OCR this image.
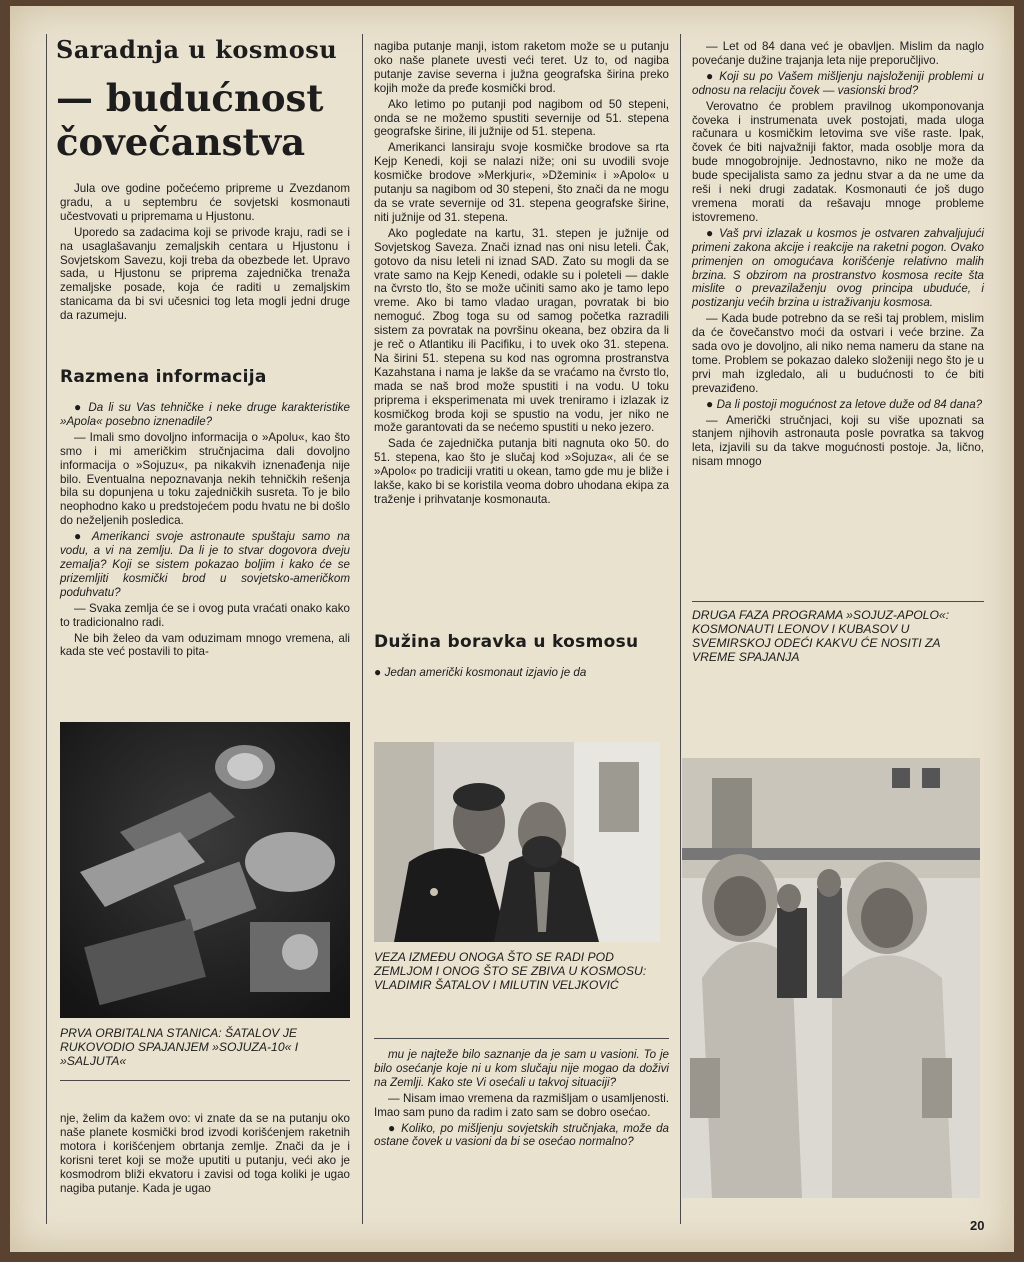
Saradnja u kosmosu
— budućnost čovečanstva

Jula ove godine počećemo pripreme u Zvezdanom gradu, a u septembru će sovjetski kosmonauti učestvovati u pripremama u Hjustonu.

Uporedo sa zadacima koji se privode kraju, radi se i na usaglašavanju zemaljskih centara u Hjustonu i Sovjetskom Savezu, koji treba da obezbede let. Upravo sada, u Hjustonu se priprema zajednička trenaža zemaljske posade, koja će raditi u zemaljskim stanicama da bi svi učesnici tog leta mogli jedni druge da razumeju.

Razmena informacija

● Da li su Vas tehničke i neke druge karakteristike »Apola« posebno iznenadile?

— Imali smo dovoljno informacija o »Apolu«, kao što smo i mi američkim stručnjacima dali dovoljno informacija o »Sojuzu«, pa nikakvih iznenađenja nije bilo. Eventualna nepoznavanja nekih tehničkih rešenja bila su dopunjena u toku zajedničkih susreta. To je bilo neophodno kako u predstojećem podu hvatu ne bi došlo do neželjenih posledica.

● Amerikanci svoje astronaute spuštaju samo na vodu, a vi na zemlju. Da li je to stvar dogovora dveju zemalja? Koji se sistem pokazao boljim i kako će se prizemljiti kosmički brod u sovjetsko-američkom poduhvatu?

— Svaka zemlja će se i ovog puta vraćati onako kako to tradicionalno radi.

Ne bih želeo da vam oduzimam mnogo vremena, ali kada ste već postavili to pita-

PRVA ORBITALNA STANICA: ŠATALOV JE RUKOVODIO SPAJANJEM »SOJUZA-10« I »SALJUTA«

nje, želim da kažem ovo: vi znate da se na putanju oko naše planete kosmički brod izvodi korišćenjem raketnih motora i korišćenjem obrtanja zemlje. Znači da je i korisni teret koji se može uputiti u putanju, veći ako je kosmodrom bliži ekvatoru i zavisi od toga koliki je ugao nagiba putanje. Kada je ugao

nagiba putanje manji, istom raketom može se u putanju oko naše planete uvesti veći teret. Uz to, od nagiba putanje zavise severna i južna geografska širina preko kojih može da pređe kosmički brod.

Ako letimo po putanji pod nagibom od 50 stepeni, onda se ne možemo spustiti severnije od 51. stepena geografske širine, ili južnije od 51. stepena.

Amerikanci lansiraju svoje kosmičke brodove sa rta Kejp Kenedi, koji se nalazi niže; oni su uvodili svoje kosmičke brodove »Merkjuri«, »Džemini« i »Apolo« u putanju sa nagibom od 30 stepeni, što znači da ne mogu da se vrate severnije od 31. stepena geografske širine, niti južnije od 31. stepena.

Ako pogledate na kartu, 31. stepen je južnije od Sovjetskog Saveza. Znači iznad nas oni nisu leteli. Čak, gotovo da nisu leteli ni iznad SAD. Zato su mogli da se vrate samo na Kejp Kenedi, odakle su i poleteli — dakle na čvrsto tlo, što se može učiniti samo ako je tamo lepo vreme. Ako bi tamo vladao uragan, povratak bi bio nemoguć. Zbog toga su od samog početka razradili sistem za povratak na površinu okeana, bez obzira da li je reč o Atlantiku ili Pacifiku, i to uvek oko 31. stepena. Na širini 51. stepena su kod nas ogromna prostranstva Kazahstana i nama je lakše da se vraćamo na čvrsto tlo, mada se naš brod može spustiti i na vodu. U toku priprema i eksperimenata mi uvek treniramo i izlazak iz kosmičkog broda koji se spustio na vodu, jer niko ne može garantovati da se nećemo spustiti u neko jezero.

Sada će zajednička putanja biti nagnuta oko 50. do 51. stepena, kao što je slučaj kod »Sojuza«, ali će se »Apolo« po tradiciji vratiti u okean, tamo gde mu je bliže i lakše, kako bi se koristila veoma dobro uhodana ekipa za traženje i prihvatanje kosmonauta.

Dužina boravka u kosmosu

● Jedan američki kosmonaut izjavio je da

VEZA IZMEĐU ONOGA ŠTO SE RADI POD ZEMLJOM I ONOG ŠTO SE ZBIVA U KOSMOSU: VLADIMIR ŠATALOV I MILUTIN VELJKOVIĆ

mu je najteže bilo saznanje da je sam u vasioni. To je bilo osećanje koje ni u kom slučaju nije mogao da doživi na Zemlji. Kako ste Vi osećali u takvoj situaciji?

— Nisam imao vremena da razmišljam o usamljenosti. Imao sam puno da radim i zato sam se dobro osećao.

● Koliko, po mišljenju sovjetskih stručnjaka, može da ostane čovek u vasioni da bi se osećao normalno?

— Let od 84 dana već je obavljen. Mislim da naglo povećanje dužine trajanja leta nije preporučljivo.

● Koji su po Vašem mišljenju najsloženiji problemi u odnosu na relaciju čovek — vasionski brod?

Verovatno će problem pravilnog ukomponovanja čoveka i instrumenata uvek postojati, mada uloga računara u kosmičkim letovima sve više raste. Ipak, čovek će biti najvažniji faktor, mada osoblje mora da bude mnogobrojnije. Jednostavno, niko ne može da bude specijalista samo za jednu stvar a da ne ume da reši i neki drugi zadatak. Kosmonauti će još dugo vremena morati da rešavaju mnoge probleme istovremeno.

● Vaš prvi izlazak u kosmos je ostvaren zahvaljujući primeni zakona akcije i reakcije na raketni pogon. Ovako primenjen on omogućava korišćenje relativno malih brzina. S obzirom na prostranstvo kosmosa recite šta mislite o prevazilaženju ovog principa ubuduće, i postizanju većih brzina u istraživanju kosmosa.

— Kada bude potrebno da se reši taj problem, mislim da će čovečanstvo moći da ostvari i veće brzine. Za sada ovo je dovoljno, ali niko nema nameru da stane na tome. Problem se pokazao daleko složeniji nego što je u prvi mah izgledalo, ali u budućnosti to će biti prevaziđeno.

● Da li postoji mogućnost za letove duže od 84 dana?

— Američki stručnjaci, koji su više upoznati sa stanjem njihovih astronauta posle povratka sa takvog leta, izjavili su da takve mogućnosti postoje. Ja, lično, nisam mnogo

DRUGA FAZA PROGRAMA »SOJUZ-APOLO«: KOSMONAUTI LEONOV I KUBASOV U SVEMIRSKOJ ODEĆI KAKVU ĆE NOSITI ZA VREME SPAJANJA
20
